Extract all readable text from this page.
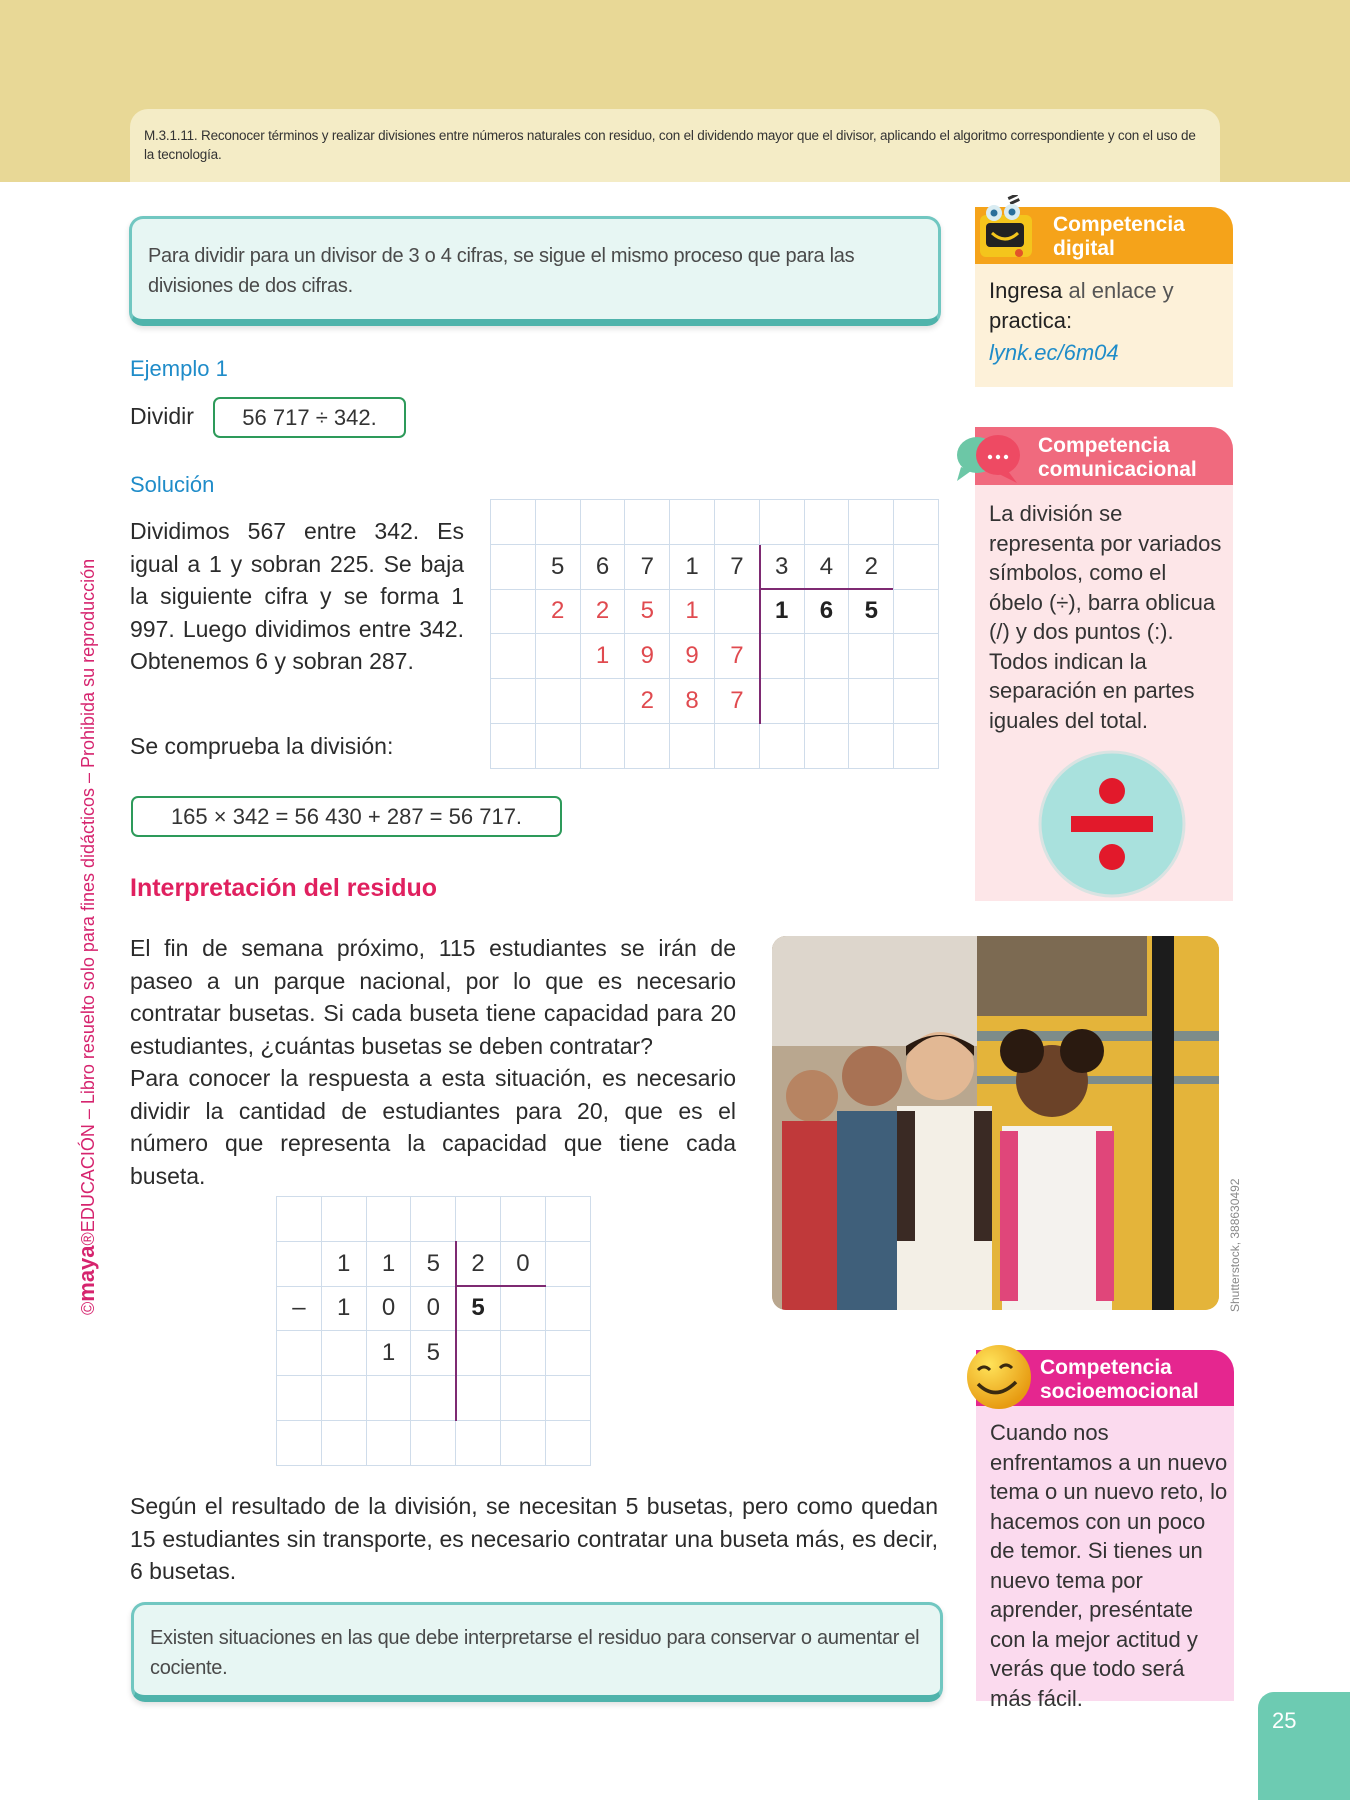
M.3.1.11. Reconocer términos y realizar divisiones entre números naturales con residuo, con el dividendo mayor que el divisor, aplicando el algoritmo correspondiente y con el uso de la tecnología.
©maya®EDUCACIÓN – Libro resuelto solo para fines didácticos – Prohibida su reproducción
Para dividir para un divisor de 3 o 4 cifras, se sigue el mismo proceso que para las divisiones de dos cifras.
Ejemplo 1
Dividir	56 717 ÷ 342.
Solución
Dividimos 567 entre 342. Es igual a 1 y sobran 225. Se baja la siguiente cifra y se forma 1 997. Luego dividimos entre 342. Obtenemos 6 y sobran 287.
Se comprueba la división:
165 × 342 = 56 430 + 287 = 56 717.

	5	6	7	1	7	3	4	2	
	2	2	5	1		1	6	5	
		1	9	9	7				
			2	8	7				

Interpretación del residuo
El fin de semana próximo, 115 estudiantes se irán de paseo a un parque nacional, por lo que es necesario contratar busetas. Si cada buseta tiene capacidad para 20 estudiantes, ¿cuántas busetas se deben contratar?
Para conocer la respuesta a esta situación, es necesario dividir la cantidad de estudiantes para 20, que es el número que representa la capacidad que tiene cada buseta.

	1	1	5	2	0	
–	1	0	0	5		
		1	5			

Según el resultado de la división, se necesitan 5 busetas, pero como quedan 15 estudiantes sin transporte, es necesario contratar una buseta más, es decir, 6 busetas.
Existen situaciones en las que debe interpretarse el residuo para conservar o aumentar el cociente.
Shutterstock, 388630492
Competencia
digital
Ingresa al enlace y practica:
lynk.ec/6m04
Competencia
comunicacional
La división se representa por variados símbolos, como el óbelo (÷), barra oblicua (/) y dos puntos (:). Todos indican la separación en partes iguales del total.
Competencia
socioemocional
Cuando nos enfrentamos a un nuevo tema o un nuevo reto, lo hacemos con un poco de temor. Si tienes un nuevo tema por aprender, preséntate con la mejor actitud y verás que todo será más fácil.
25
